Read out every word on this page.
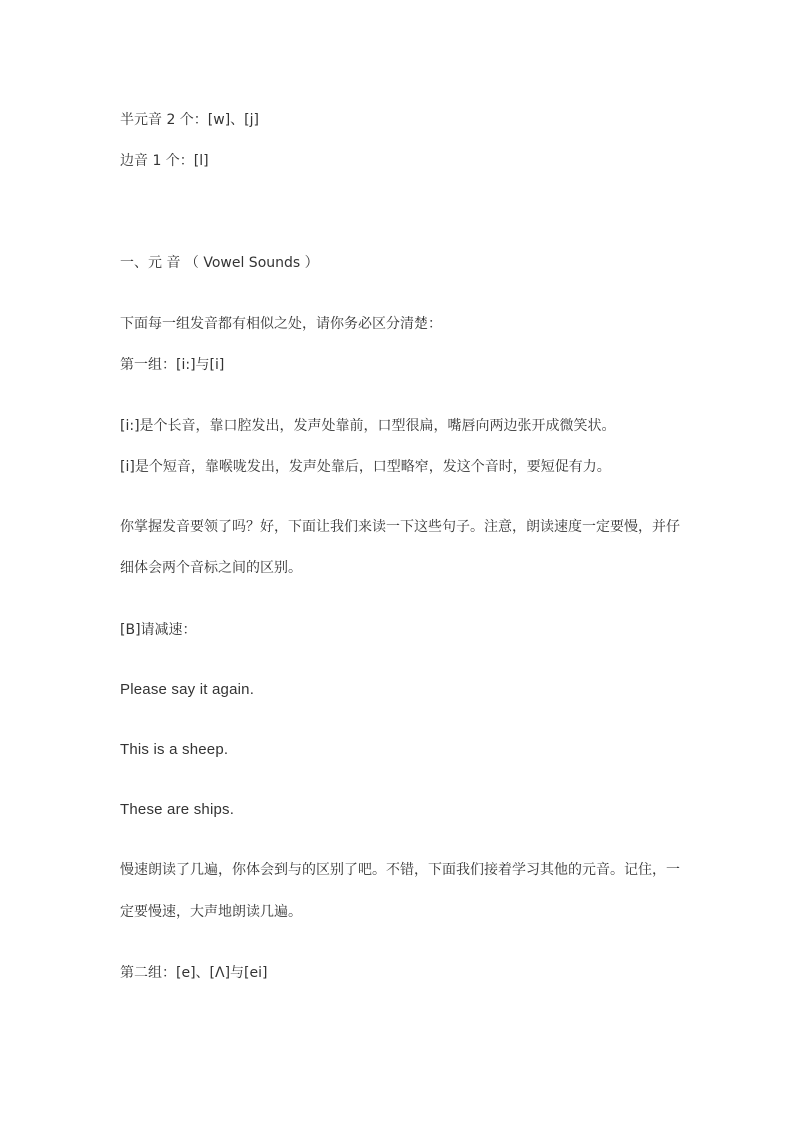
半元音 2 个：[w]、[j]
边音 1 个：[l]
一、元 音 （ Vowel Sounds ）
下面每一组发音都有相似之处，请你务必区分清楚：
第一组：[i:]与[i]
[i:]是个长音，靠口腔发出，发声处靠前，口型很扁，嘴唇向两边张开成微笑状。
[i]是个短音，靠喉咙发出，发声处靠后，口型略窄，发这个音时，要短促有力。
你掌握发音要领了吗？好，下面让我们来读一下这些句子。注意，朗读速度一定要慢，并仔
细体会两个音标之间的区别。
[B]请减速：
Please say it again.
This is a sheep.
These are ships.
慢速朗读了几遍，你体会到与的区别了吧。不错，下面我们接着学习其他的元音。记住，一
定要慢速，大声地朗读几遍。
第二组：[e]、[Λ]与[ei]
